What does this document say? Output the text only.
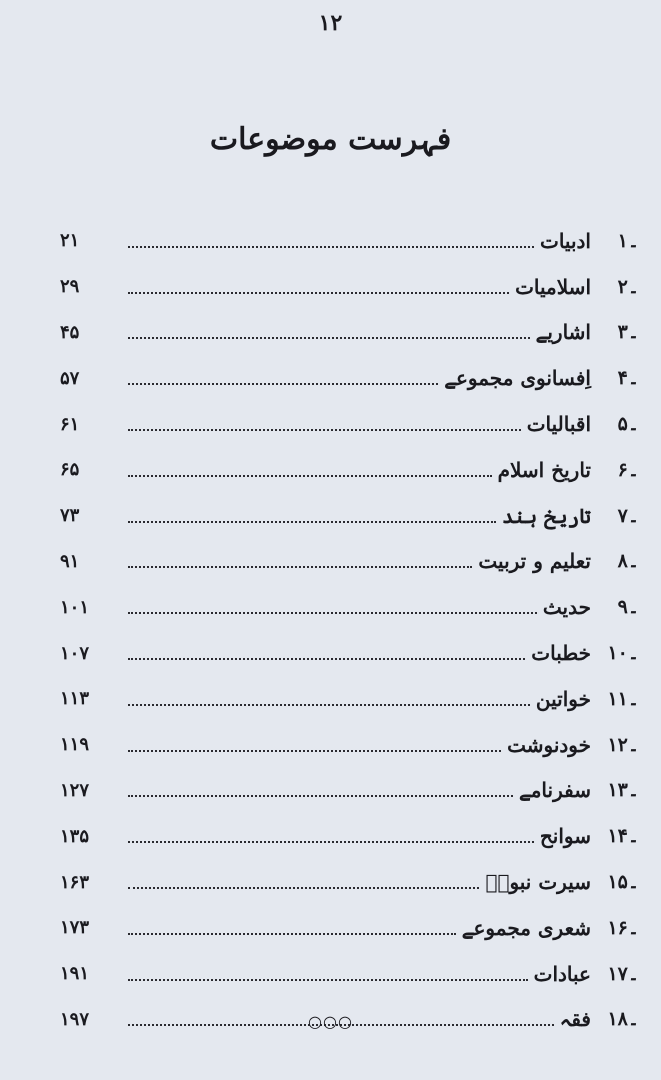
١٢
فہرست موضوعات
۱۔
ادبیات
۲۱
۲۔
اسلامیات
۲۹
۳۔
اشاریے
۴۵
۴۔
اِفسانوی مجموعے
۵۷
۵۔
اقبالیات
۶۱
۶۔
تاریخ اسلام
۶۵
۷۔
تاریخ ہند
۷۳
۸۔
تعلیم و تربیت
۹۱
۹۔
حدیث
۱۰۱
۱۰۔
خطبات
۱۰۷
۱۱۔
خواتین
۱۱۳
۱۲۔
خودنوشت
۱۱۹
۱۳۔
سفرنامے
۱۲۷
۱۴۔
سوانح
۱۳۵
۱۵۔
سیرت نبویؐ
۱۶۳
۱۶۔
شعری مجموعے
۱۷۳
۱۷۔
عبادات
۱۹۱
۱۸۔
فقہ
۱۹۷	○○○
